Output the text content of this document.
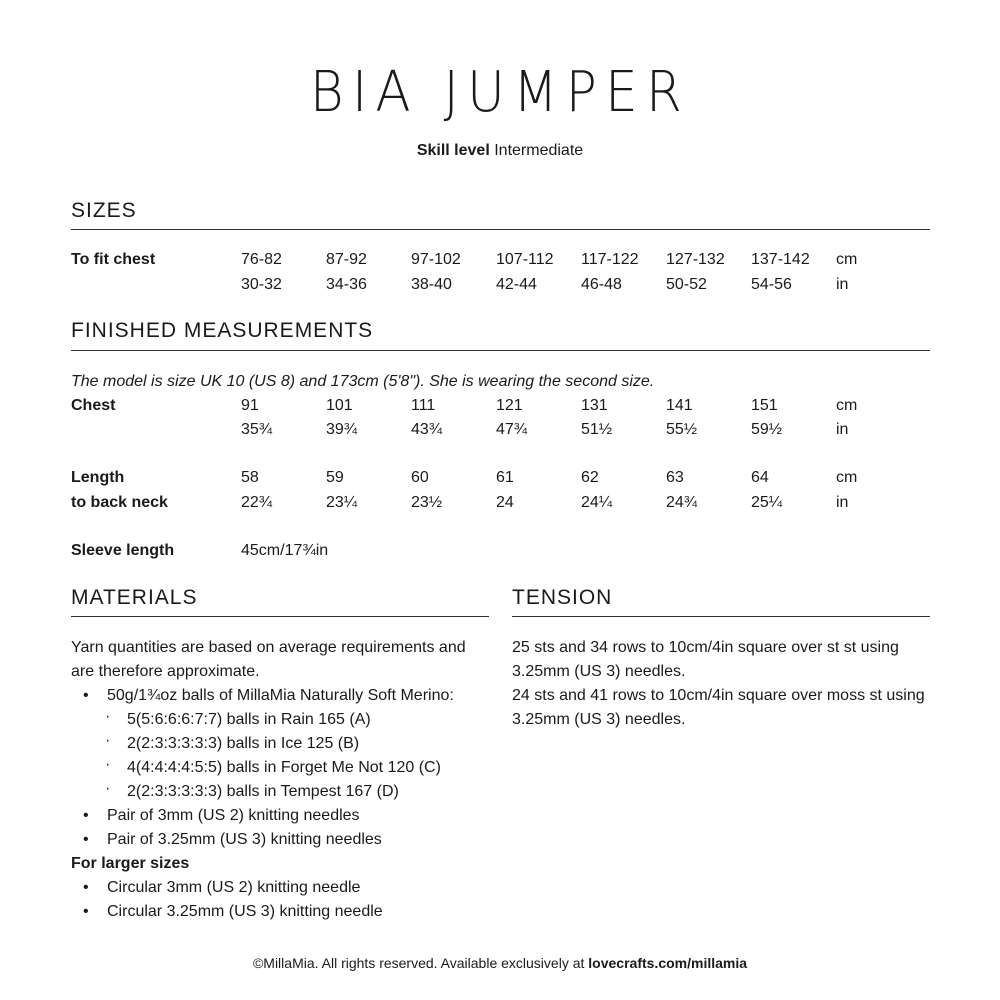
BIA JUMPER
Skill level Intermediate
SIZES
To fit chest	76-82	87-92	97-102 107-112 117-122 127-132 137-142 cm
30-32	34-36	38-40	42-44	46-48	50-52	54-56	in
FINISHED MEASUREMENTS
The model is size UK 10 (US 8) and 173cm (5'8"). She is wearing the second size.
Chest	91	101	111	121	131	141	151	cm
35¾	39¾	43¾	47¾	51½	55½	59½	in
Length	58	59	60	61	62	63	64	cm
to back neck	22¾	23¼	23½	24	24¼	24¾	25¼	in
Sleeve length	45cm/17¾in
MATERIALS
Yarn quantities are based on average requirements and are therefore approximate.
• 50g/1¾oz balls of MillaMia Naturally Soft Merino:
· 5(5:6:6:6:7:7) balls in Rain 165 (A)
· 2(2:3:3:3:3:3) balls in Ice 125 (B)
· 4(4:4:4:4:5:5) balls in Forget Me Not 120 (C)
· 2(2:3:3:3:3:3) balls in Tempest 167 (D)
• Pair of 3mm (US 2) knitting needles
• Pair of 3.25mm (US 3) knitting needles
For larger sizes
• Circular 3mm (US 2) knitting needle
• Circular 3.25mm (US 3) knitting needle
TENSION
25 sts and 34 rows to 10cm/4in square over st st using 3.25mm (US 3) needles.
24 sts and 41 rows to 10cm/4in square over moss st using 3.25mm (US 3) needles.
©MillaMia. All rights reserved. Available exclusively at lovecrafts.com/millamia
